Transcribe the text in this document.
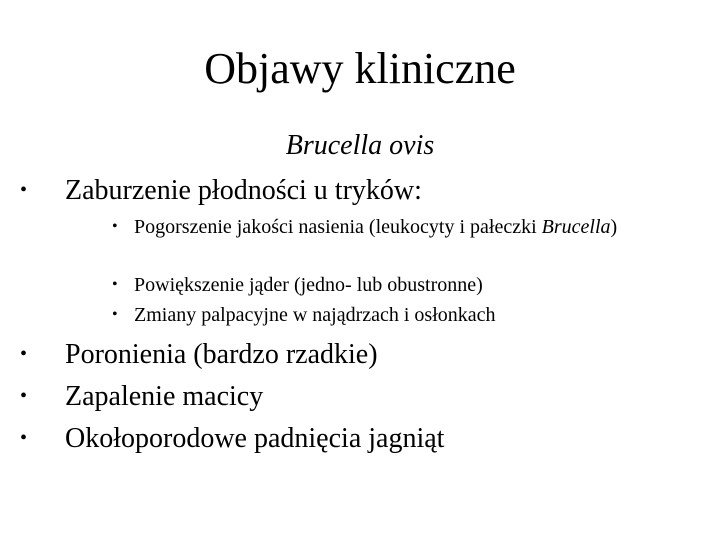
Objawy kliniczne
Brucella ovis
• Zaburzenie płodności u tryków:
• Pogorszenie jakości nasienia (leukocyty i pałeczki Brucella)
• Powiększenie jąder (jedno- lub obustronne)
• Zmiany palpacyjne w najądrzach i osłonkach
• Poronienia (bardzo rzadkie)
• Zapalenie macicy
• Okołoporodowe padnięcia jagniąt
